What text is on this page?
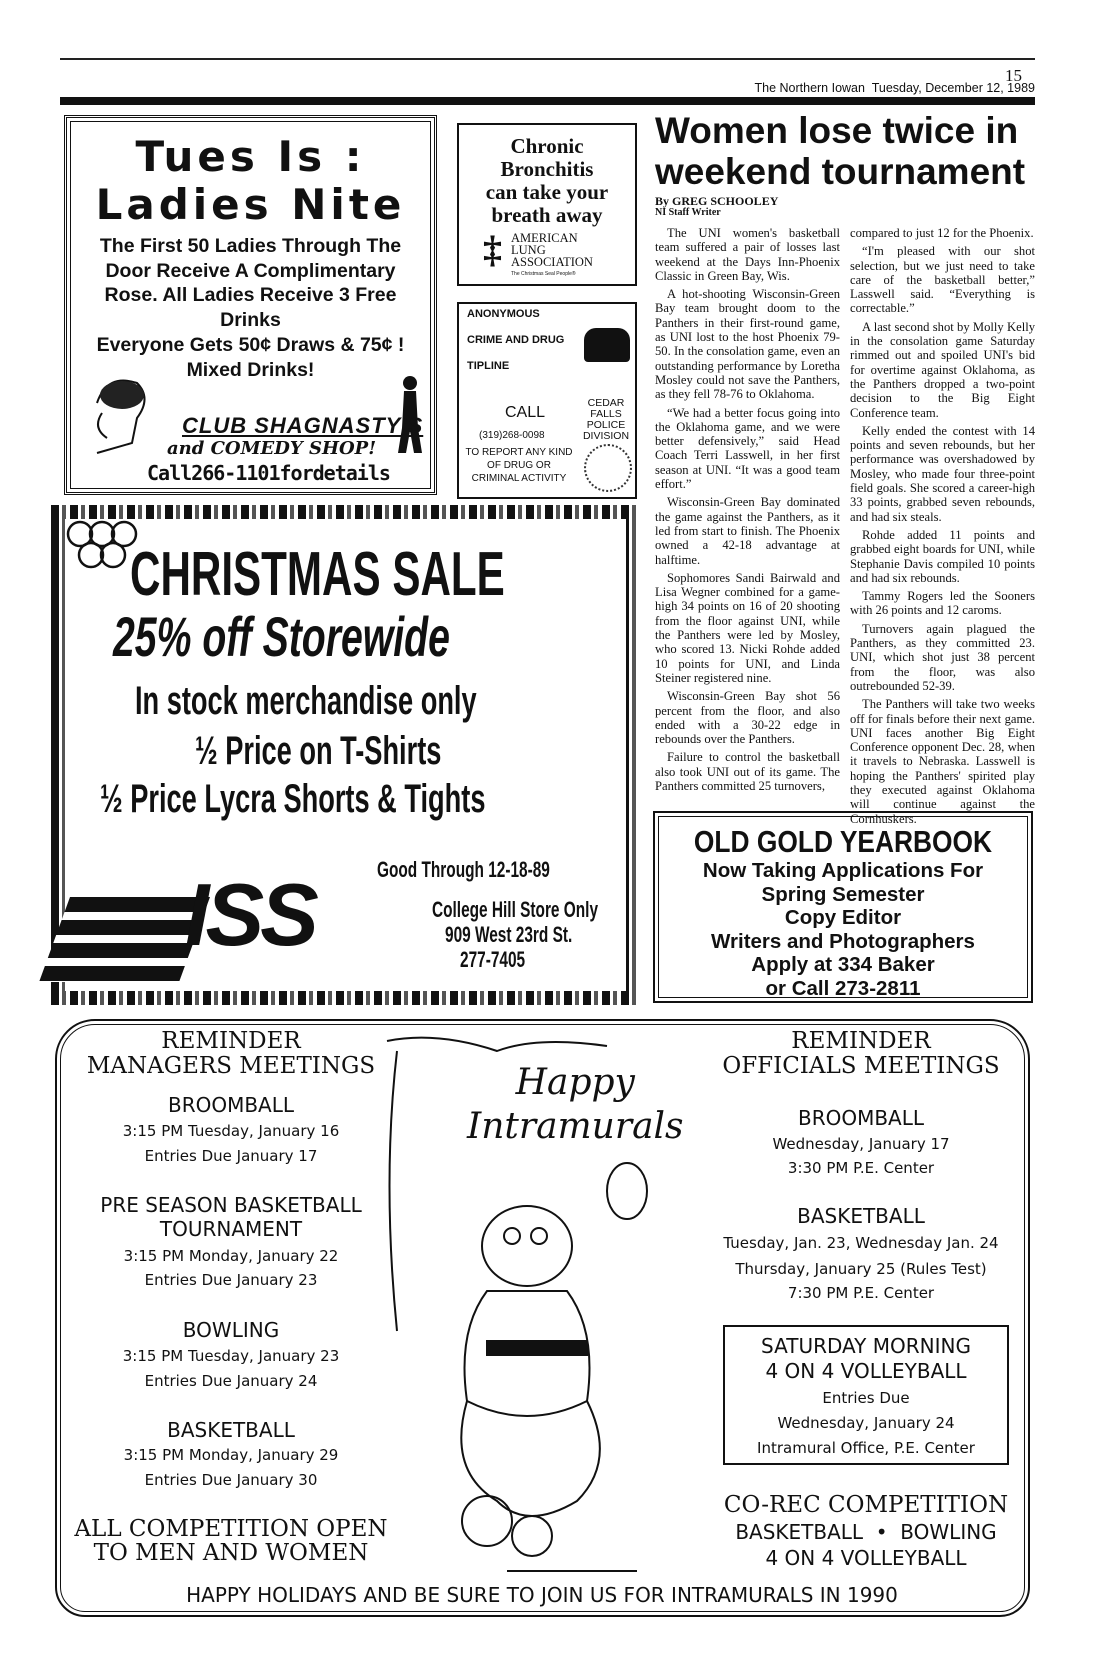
15
The Northern Iowan Tuesday, December 12, 1989
Tues Is :
Ladies Nite
The First 50 Ladies Through The
Door Receive A Complimentary
Rose. All Ladies Receive 3 Free
Drinks
Everyone Gets 50¢ Draws & 75¢ !
Mixed Drinks!
CLUB SHAGNASTY'S
and COMEDY SHOP!
Call266-1101fordetails
Chronic
Bronchitis
can take your
breath away
‡ AMERICAN
LUNG
ASSOCIATION
The Christmas Seal People®
ANONYMOUS
CRIME AND DRUG
TIPLINE
CALL
(319)268-0098
TO REPORT ANY KIND OF DRUG OR CRIMINAL ACTIVITY
CEDAR FALLS POLICE DIVISION
Women lose twice in weekend tournament
By GREG SCHOOLEY
NI Staff Writer

The UNI women's basketball team suffered a pair of losses last weekend at the Days Inn-Phoenix Classic in Green Bay, Wis.

A hot-shooting Wisconsin-Green Bay team brought doom to the Panthers in their first-round game, as UNI lost to the host Phoenix 79-50. In the consolation game, even an outstanding performance by Loretha Mosley could not save the Panthers, as they fell 78-76 to Oklahoma.

“We had a better focus going into the Oklahoma game, and we were better defensively,” said Head Coach Terri Lasswell, in her first season at UNI. “It was a good team effort.”

Wisconsin-Green Bay dominated the game against the Panthers, as it led from start to finish. The Phoenix owned a 42-18 advantage at halftime.

Sophomores Sandi Bairwald and Lisa Wegner combined for a game-high 34 points on 16 of 20 shooting from the floor against UNI, while the Panthers were led by Mosley, who scored 13. Nicki Rohde added 10 points for UNI, and Linda Steiner registered nine.

Wisconsin-Green Bay shot 56 percent from the floor, and also ended with a 30-22 edge in rebounds over the Panthers.

Failure to control the basketball also took UNI out of its game. The Panthers committed 25 turnovers,

compared to just 12 for the Phoenix.

“I'm pleased with our shot selection, but we just need to take care of the basketball better,” Lasswell said. “Everything is correctable.”

A last second shot by Molly Kelly in the consolation game Saturday rimmed out and spoiled UNI's bid for overtime against Oklahoma, as the Panthers dropped a two-point decision to the Big Eight Conference team.

Kelly ended the contest with 14 points and seven rebounds, but her performance was overshadowed by Mosley, who made four three-point field goals. She scored a career-high 33 points, grabbed seven rebounds, and had six steals.

Rohde added 11 points and grabbed eight boards for UNI, while Stephanie Davis compiled 10 points and had six rebounds.

Tammy Rogers led the Sooners with 26 points and 12 caroms.

Turnovers again plagued the Panthers, as they committed 23. UNI, which shot just 38 percent from the floor, was also outrebounded 52-39.

The Panthers will take two weeks off for finals before their next game. UNI faces another Big Eight Conference opponent Dec. 28, when it travels to Nebraska. Lasswell is hoping the Panthers' spirited play they executed against Oklahoma will continue against the Cornhuskers.

CHRISTMAS SALE
25% off Storewide
In stock merchandise only
½ Price on T-Shirts
½ Price Lycra Shorts & Tights
Good Through 12-18-89
College Hill Store Only
909 West 23rd St.
277-7405
ISS
OLD GOLD YEARBOOK
Now Taking Applications For
Spring Semester
Copy Editor
Writers and Photographers
Apply at 334 Baker
or Call 273-2811
REMINDER
MANAGERS MEETINGS
BROOMBALL
3:15 PM Tuesday, January 16
Entries Due January 17
PRE SEASON BASKETBALL
TOURNAMENT
3:15 PM Monday, January 22
Entries Due January 23
BOWLING
3:15 PM Tuesday, January 23
Entries Due January 24
BASKETBALL
3:15 PM Monday, January 29
Entries Due January 30
ALL COMPETITION OPEN
TO MEN AND WOMEN
Happy
Intramurals
REMINDER
OFFICIALS MEETINGS
BROOMBALL
Wednesday, January 17
3:30 PM P.E. Center
BASKETBALL
Tuesday, Jan. 23, Wednesday Jan. 24
Thursday, January 25 (Rules Test)
7:30 PM P.E. Center
SATURDAY MORNING
4 ON 4 VOLLEYBALL
Entries Due
Wednesday, January 24
Intramural Office, P.E. Center
CO-REC COMPETITION
BASKETBALL  •  BOWLING
4 ON 4 VOLLEYBALL
HAPPY HOLIDAYS AND BE SURE TO JOIN US FOR INTRAMURALS IN 1990
